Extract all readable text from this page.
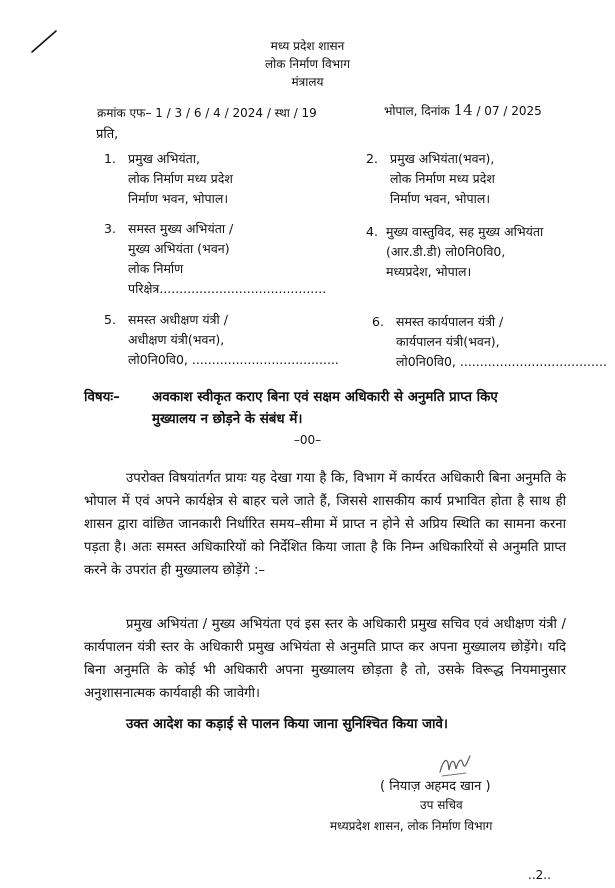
मध्य प्रदेश शासन
लोक निर्माण विभाग
मंत्रालय
क्रमांक एफ– 1 / 3 / 6 / 4 / 2024 / स्था / 19	भोपाल, दिनांक 14 / 07 / 2025
प्रति,
1. प्रमुख अभियंता,
लोक निर्माण मध्य प्रदेश
निर्माण भवन, भोपाल।
2. प्रमुख अभियंता(भवन),
लोक निर्माण मध्य प्रदेश
निर्माण भवन, भोपाल।
3. समस्त मुख्य अभियंता /
मुख्य अभियंता (भवन)
लोक निर्माण
परिक्षेत्र..........................................
4. मुख्य वास्तुविद, सह मुख्य अभियंता
(आर.डी.डी) लो0नि0वि0,
मध्यप्रदेश, भोपाल।
5. समस्त अधीक्षण यंत्री /
अधीक्षण यंत्री(भवन),
लो0नि0वि0, .....................................
6. समस्त कार्यपालन यंत्री /
कार्यपालन यंत्री(भवन),
लो0नि0वि0, .....................................
विषयः– अवकाश स्वीकृत कराए बिना एवं सक्षम अधिकारी से अनुमति प्राप्त किए
मुख्यालय न छोड़ने के संबंध में।
–00–
उपरोक्त विषयांतर्गत प्रायः यह देखा गया है कि, विभाग में कार्यरत अधिकारी बिना अनुमति के भोपाल में एवं अपने कार्यक्षेत्र से बाहर चले जाते हैं, जिससे शासकीय कार्य प्रभावित होता है साथ ही शासन द्वारा वांछित जानकारी निर्धारित समय–सीमा में प्राप्त न होने से अप्रिय स्थिति का सामना करना पड़ता है। अतः समस्त अधिकारियों को निर्देशित किया जाता है कि निम्न अधिकारियों से अनुमति प्राप्त करने के उपरांत ही मुख्यालय छोड़ेंगे :–
प्रमुख अभियंता / मुख्य अभियंता एवं इस स्तर के अधिकारी प्रमुख सचिव एवं अधीक्षण यंत्री / कार्यपालन यंत्री स्तर के अधिकारी प्रमुख अभियंता से अनुमति प्राप्त कर अपना मुख्यालय छोड़ेंगे। यदि बिना अनुमति के कोई भी अधिकारी अपना मुख्यालय छोड़ता है तो, उसके विरूद्ध नियमानुसार अनुशासनात्मक कार्यवाही की जावेगी।
उक्त आदेश का कड़ाई से पालन किया जाना सुनिश्चित किया जावे।
( नियाज़ अहमद खान )
उप सचिव
मध्यप्रदेश शासन, लोक निर्माण विभाग
..2..
